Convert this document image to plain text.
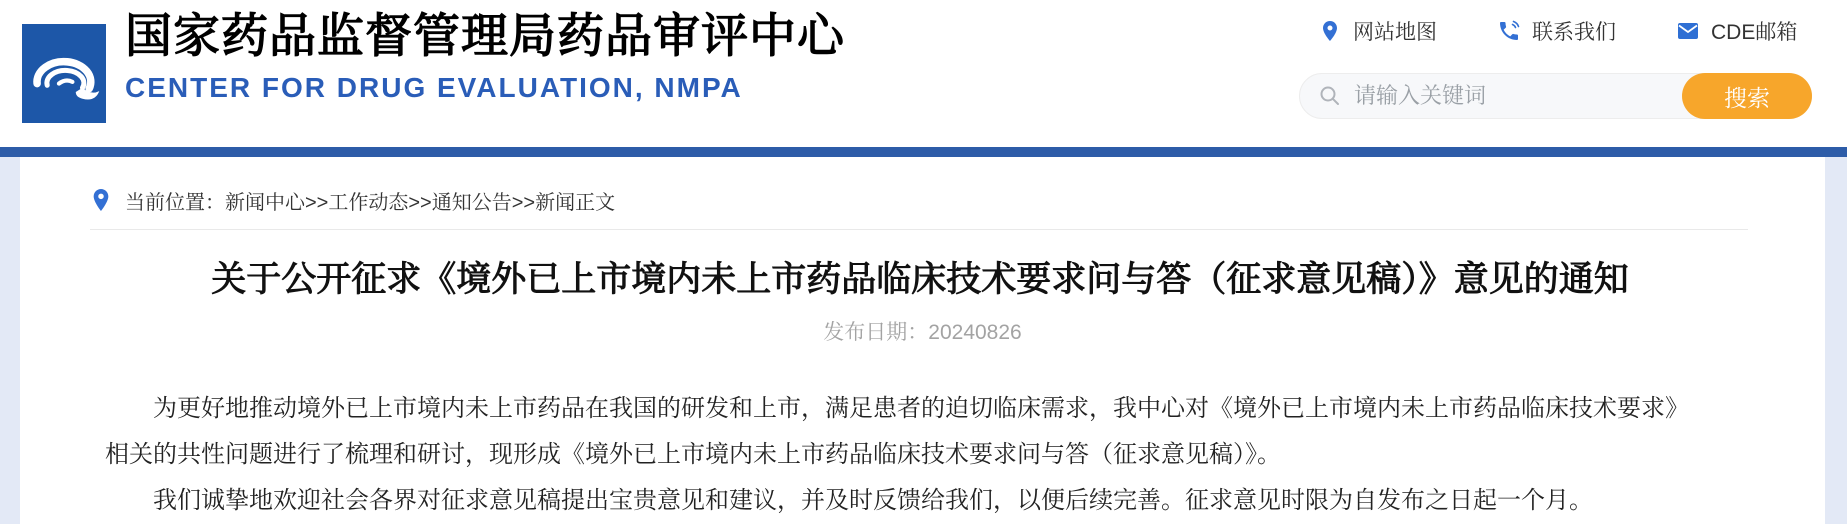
国家药品监督管理局药品审评中心
CENTER FOR DRUG EVALUATION, NMPA
网站地图	联系我们	CDE邮箱
请输入关键词
搜索
当前位置：新闻中心>>工作动态>>通知公告>>新闻正文
关于公开征求《境外已上市境内未上市药品临床技术要求问与答（征求意见稿）》意见的通知
发布日期：20240826

为更好地推动境外已上市境内未上市药品在我国的研发和上市，满足患者的迫切临床需求，我中心对《境外已上市境内未上市药品临床技术要求》相关的共性问题进行了梳理和研讨，现形成《境外已上市境内未上市药品临床技术要求问与答（征求意见稿）》。

我们诚挚地欢迎社会各界对征求意见稿提出宝贵意见和建议，并及时反馈给我们，以便后续完善。征求意见时限为自发布之日起一个月。
